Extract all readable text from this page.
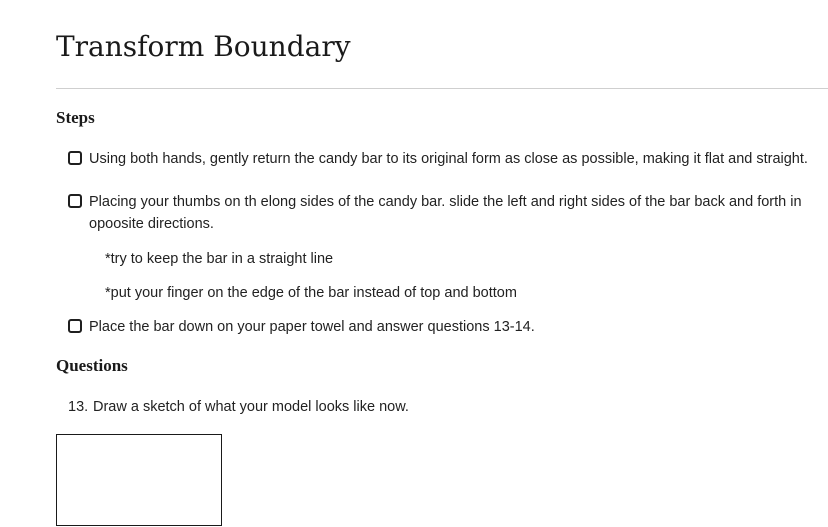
Transform Boundary
Steps
Using both hands, gently return the candy bar to its original form as close as possible, making it flat and straight.
Placing your thumbs on th elong sides of the candy bar. slide the left and right sides of the bar back and forth in opoosite directions.
*try to keep the bar in a straight line
*put your finger on the edge of the bar instead of top and bottom
Place the bar down on your paper towel and answer questions 13-14.
Questions
13. Draw a sketch of what your model looks like now.
